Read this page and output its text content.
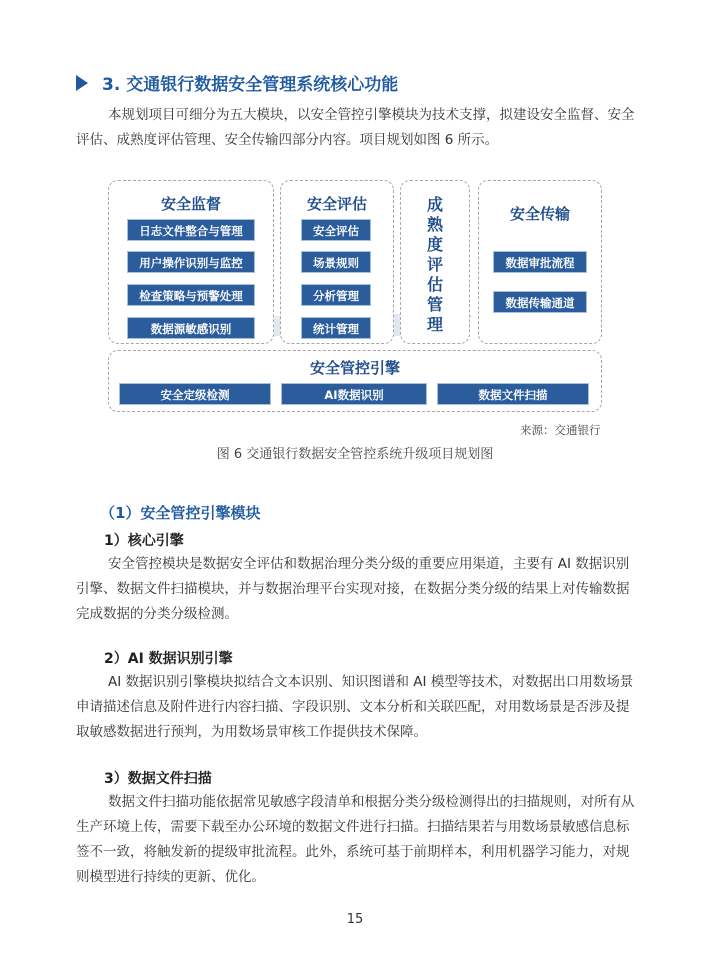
3. 交通银行数据安全管理系统核心功能
本规划项目可细分为五大模块，以安全管控引擎模块为技术支撑，拟建设安全监督、安全评估、成熟度评估管理、安全传输四部分内容。项目规划如图 6 所示。
安全监督
日志文件整合与管理
用户操作识别与监控
检查策略与预警处理
数据源敏感识别
安全评估
安全评估
场景规则
分析管理
统计管理
成熟度评估管理
安全传输
数据审批流程
数据传输通道
安全管控引擎
安全定级检测	AI数据识别	数据文件扫描
来源：交通银行
图 6 交通银行数据安全管控系统升级项目规划图
（1）安全管控引擎模块
1）核心引擎
安全管控模块是数据安全评估和数据治理分类分级的重要应用渠道，主要有 AI 数据识别引擎、数据文件扫描模块，并与数据治理平台实现对接，在数据分类分级的结果上对传输数据完成数据的分类分级检测。
2）AI 数据识别引擎
AI 数据识别引擎模块拟结合文本识别、知识图谱和 AI 模型等技术，对数据出口用数场景申请描述信息及附件进行内容扫描、字段识别、文本分析和关联匹配，对用数场景是否涉及提取敏感数据进行预判，为用数场景审核工作提供技术保障。
3）数据文件扫描
数据文件扫描功能依据常见敏感字段清单和根据分类分级检测得出的扫描规则，对所有从生产环境上传，需要下载至办公环境的数据文件进行扫描。扫描结果若与用数场景敏感信息标签不一致，将触发新的提级审批流程。此外，系统可基于前期样本，利用机器学习能力，对规则模型进行持续的更新、优化。
15
